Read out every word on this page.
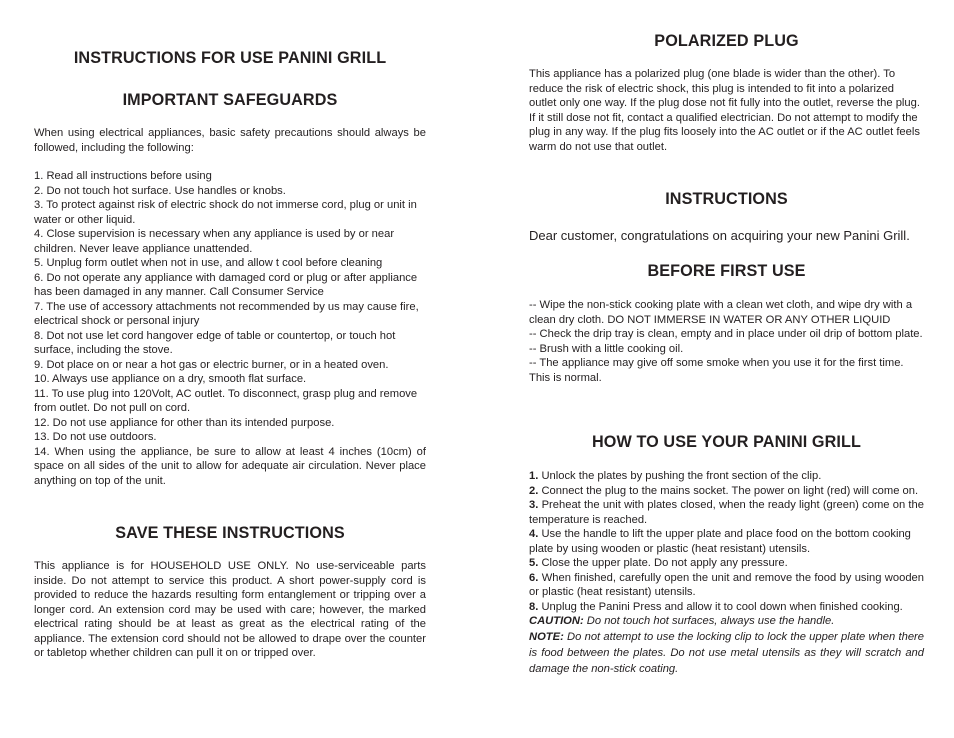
INSTRUCTIONS FOR USE PANINI GRILL
IMPORTANT SAFEGUARDS
When using electrical appliances, basic safety precautions should always be followed, including the following:

1. Read all instructions before using

2. Do not touch hot surface. Use handles or knobs.

3. To protect against risk of electric shock do not immerse cord, plug or unit in water or other liquid.

4. Close supervision is necessary when any appliance is used by or near children. Never leave appliance unattended.

5. Unplug form outlet when not in use, and allow t cool before cleaning

6. Do not operate any appliance with damaged cord or plug or after appliance has been damaged in any manner. Call Consumer Service

7. The use of accessory attachments not recommended by us may cause fire, electrical shock or personal injury

8. Dot not use let cord hangover edge of table or countertop, or touch hot surface, including the stove.

9. Dot place on or near a hot gas or electric burner, or in a heated oven.

10. Always use appliance on a dry, smooth flat surface.

11. To use plug into 120Volt, AC outlet. To disconnect, grasp plug and remove from outlet. Do not pull on cord.

12. Do not use appliance for other than its intended purpose.

13. Do not use outdoors.

14. When using the appliance, be sure to allow at least 4 inches (10cm) of space on all sides of the unit to allow for adequate air circulation. Never place anything on top of the unit.

SAVE THESE INSTRUCTIONS
This appliance is for HOUSEHOLD USE ONLY. No use-serviceable parts inside. Do not attempt to service this product. A short power-supply cord is provided to reduce the hazards resulting form entanglement or tripping over a longer cord. An extension cord may be used with care; however, the marked electrical rating should be at least as great as the electrical rating of the appliance. The extension cord should not be allowed to drape over the counter or tabletop whether children can pull it on or tripped over.
POLARIZED PLUG
This appliance has a polarized plug (one blade is wider than the other). To reduce the risk of electric shock, this plug is intended to fit into a polarized outlet only one way. If the plug dose not fit fully into the outlet, reverse the plug. If it still dose not fit, contact a qualified electrician. Do not attempt to modify the plug in any way. If the plug fits loosely into the AC outlet or if the AC outlet feels warm do not use that outlet.
INSTRUCTIONS
Dear customer, congratulations on acquiring your new Panini Grill.
BEFORE FIRST USE

-- Wipe the non-stick cooking plate with a clean wet cloth, and wipe dry with a clean dry cloth. DO NOT IMMERSE IN WATER OR ANY OTHER LIQUID

-- Check the drip tray is clean, empty and in place under oil drip of bottom plate.

-- Brush with a little cooking oil.

-- The appliance may give off some smoke when you use it for the first time. This is normal.

HOW TO USE YOUR PANINI GRILL

1. Unlock the plates by pushing the front section of the clip.

2. Connect the plug to the mains socket. The power on light (red) will come on.

3. Preheat the unit with plates closed, when the ready light (green) come on the temperature is reached.

4. Use the handle to lift the upper plate and place food on the bottom cooking plate by using wooden or plastic (heat resistant) utensils.

5. Close the upper plate. Do not apply any pressure.

6. When finished, carefully open the unit and remove the food by using wooden or plastic (heat resistant) utensils.

8. Unplug the Panini Press and allow it to cool down when finished cooking.

CAUTION: Do not touch hot surfaces, always use the handle.

NOTE: Do not attempt to use the locking clip to lock the upper plate when there is food between the plates. Do not use metal utensils as they will scratch and damage the non-stick coating.
